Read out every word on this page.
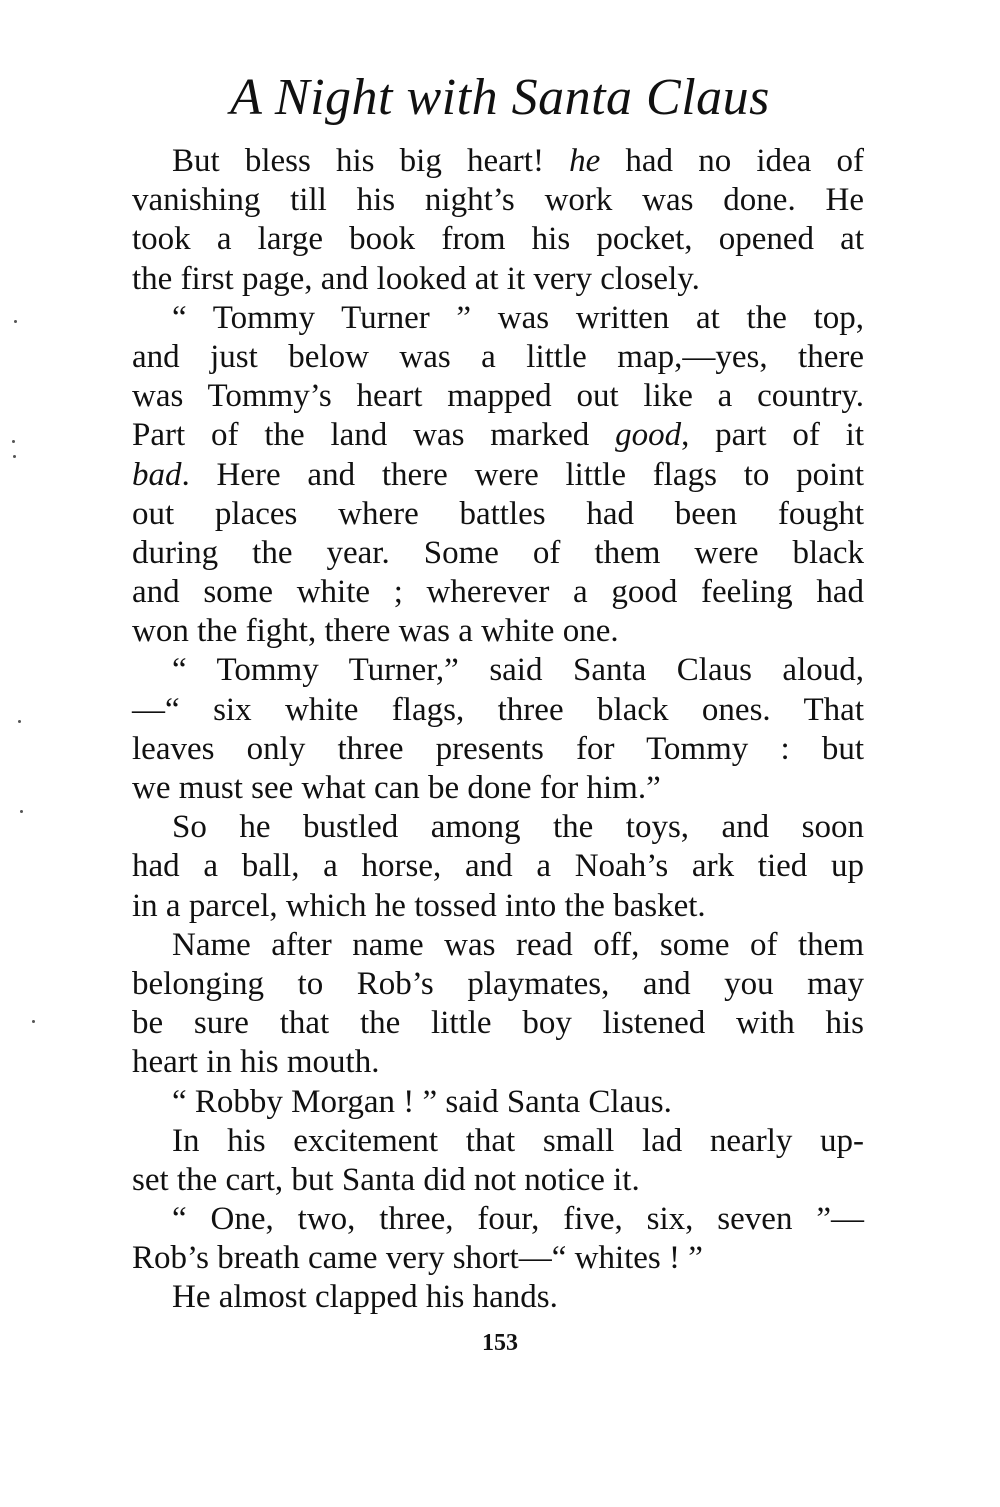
A Night with Santa Claus
But bless his big heart! he had no idea of
vanishing till his night’s work was done. He
took a large book from his pocket, opened at
the first page, and looked at it very closely.
“ Tommy Turner ” was written at the top,
and just below was a little map,—yes, there
was Tommy’s heart mapped out like a country.
Part of the land was marked good, part of it
bad. Here and there were little flags to point
out places where battles had been fought
during the year. Some of them were black
and some white ; wherever a good feeling had
won the fight, there was a white one.
“ Tommy Turner,” said Santa Claus aloud,
—“ six white flags, three black ones. That
leaves only three presents for Tommy : but
we must see what can be done for him.”
So he bustled among the toys, and soon
had a ball, a horse, and a Noah’s ark tied up
in a parcel, which he tossed into the basket.
Name after name was read off, some of them
belonging to Rob’s playmates, and you may
be sure that the little boy listened with his
heart in his mouth.
“ Robby Morgan ! ” said Santa Claus.
In his excitement that small lad nearly up-
set the cart, but Santa did not notice it.
“ One, two, three, four, five, six, seven ”—
Rob’s breath came very short—“ whites ! ”
He almost clapped his hands.
153
